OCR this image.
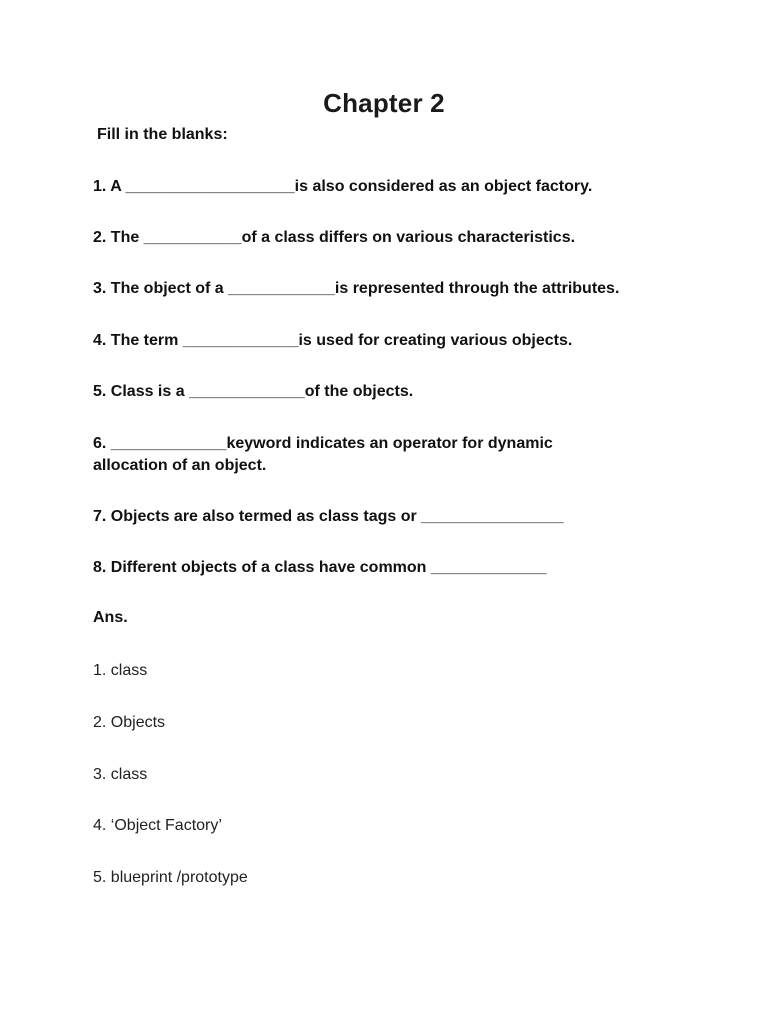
Chapter 2
Fill in the blanks:
1. A ___________________is also considered as an object factory.
2. The ___________of a class differs on various characteristics.
3. The object of a ____________is represented through the attributes.
4. The term _____________is used for creating various objects.
5. Class is a _____________of the objects.
6. _____________keyword indicates an operator for dynamic allocation of an object.
7. Objects are also termed as class tags or ________________
8. Different objects of a class have common _____________
Ans.
1. class
2. Objects
3. class
4. ‘Object Factory’
5. blueprint /prototype
